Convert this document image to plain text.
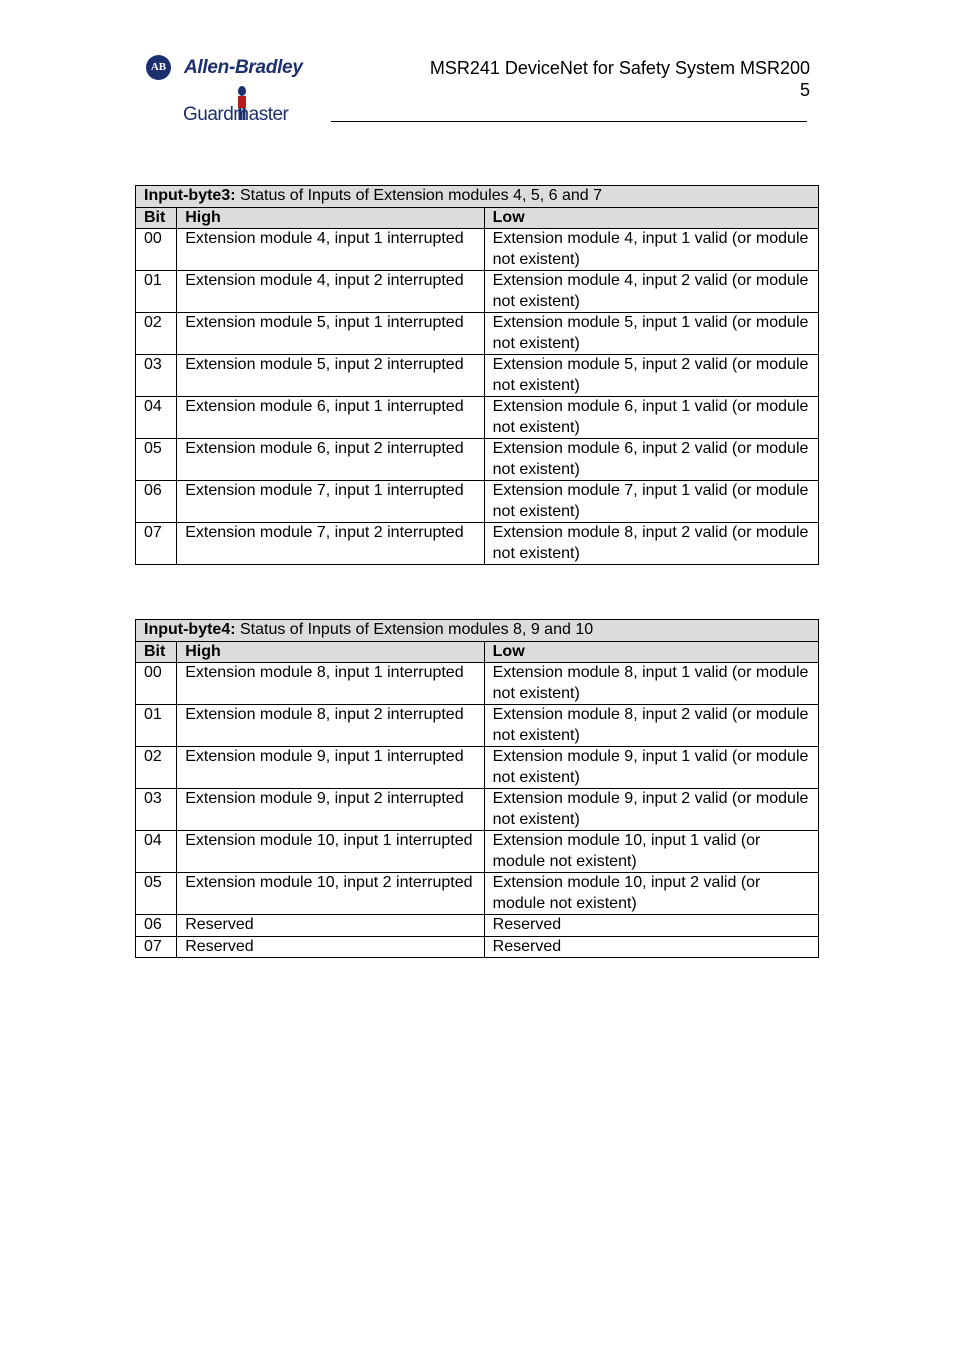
AB Allen-Bradley
Guardmaster
MSR241 DeviceNet for Safety System MSR200
5
Input-byte3: Status of Inputs of Extension modules 4, 5, 6 and 7		
Bit	High	Low
00	Extension module 4, input 1 interrupted	Extension module 4, input 1 valid (or module not existent)
01	Extension module 4, input 2 interrupted	Extension module 4, input 2 valid (or module not existent)
02	Extension module 5, input 1 interrupted	Extension module 5, input 1 valid (or module not existent)
03	Extension module 5, input 2 interrupted	Extension module 5, input 2 valid (or module not existent)
04	Extension module 6, input 1 interrupted	Extension module 6, input 1 valid (or module not existent)
05	Extension module 6, input 2 interrupted	Extension module 6, input 2 valid (or module not existent)
06	Extension module 7, input 1 interrupted	Extension module 7, input 1 valid (or module not existent)
07	Extension module 7, input 2 interrupted	Extension module 8, input 2 valid (or module not existent)
Input-byte4: Status of Inputs of Extension modules 8, 9 and 10		
Bit	High	Low
00	Extension module 8, input 1 interrupted	Extension module 8, input 1 valid (or module not existent)
01	Extension module 8, input 2 interrupted	Extension module 8, input 2 valid (or module not existent)
02	Extension module 9, input 1 interrupted	Extension module 9, input 1 valid (or module not existent)
03	Extension module 9, input 2 interrupted	Extension module 9, input 2 valid (or module not existent)
04	Extension module 10, input 1 interrupted	Extension module 10, input 1 valid (or module not existent)
05	Extension module 10, input 2 interrupted	Extension module 10, input 2 valid (or module not existent)
06	Reserved	Reserved
07	Reserved	Reserved
